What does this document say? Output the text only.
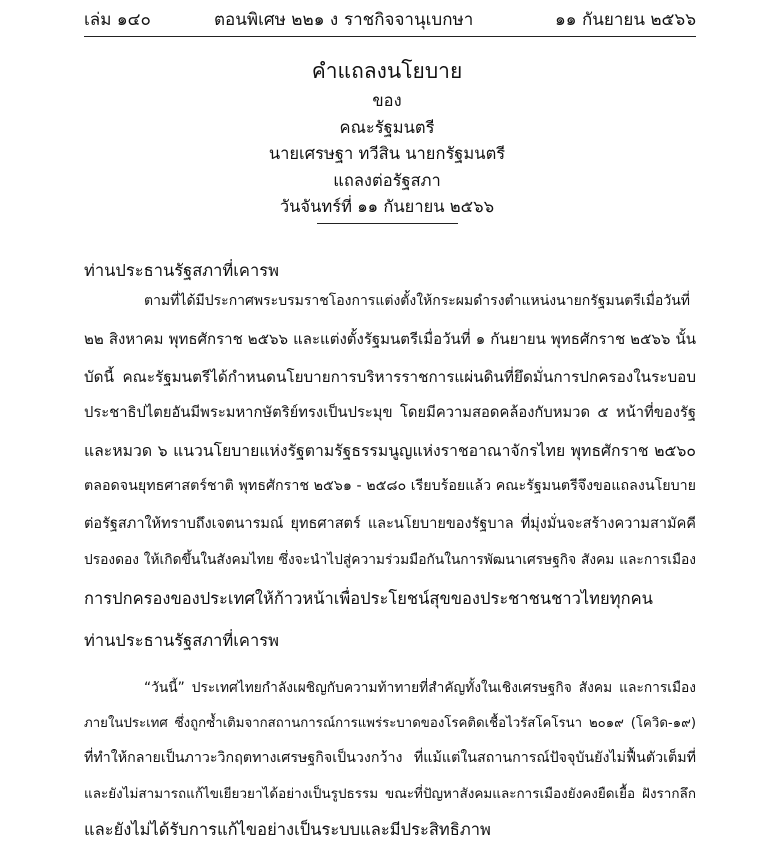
เล่ม ๑๔๐	ตอนพิเศษ ๒๒๑ ง ราชกิจจานุเบกษา	๑๑ กันยายน ๒๕๖๖
คำแถลงนโยบาย

ของ

คณะรัฐมนตรี

นายเศรษฐา ทวีสิน นายกรัฐมนตรี

แถลงต่อรัฐสภา

วันจันทร์ที่ ๑๑ กันยายน ๒๕๖๖

ท่านประธานรัฐสภาที่เคารพ

ตามที่ได้มีประกาศพระบรมราชโองการแต่งตั้งให้กระผมดำรงตำแหน่งนายกรัฐมนตรีเมื่อวันที่
๒๒ สิงหาคม พุทธศักราช ๒๕๖๖ และแต่งตั้งรัฐมนตรีเมื่อวันที่ ๑ กันยายน พุทธศักราช ๒๕๖๖ นั้น
บัดนี้ คณะรัฐมนตรีได้กำหนดนโยบายการบริหารราชการแผ่นดินที่ยึดมั่นการปกครองในระบอบ
ประชาธิปไตยอันมีพระมหากษัตริย์ทรงเป็นประมุข โดยมีความสอดคล้องกับหมวด ๕ หน้าที่ของรัฐ
และหมวด ๖ แนวนโยบายแห่งรัฐตามรัฐธรรมนูญแห่งราชอาณาจักรไทย พุทธศักราช ๒๕๖๐
ตลอดจนยุทธศาสตร์ชาติ พุทธศักราช ๒๕๖๑ - ๒๕๘๐ เรียบร้อยแล้ว คณะรัฐมนตรีจึงขอแถลงนโยบาย
ต่อรัฐสภาให้ทราบถึงเจตนารมณ์ ยุทธศาสตร์ และนโยบายของรัฐบาล ที่มุ่งมั่นจะสร้างความสามัคคี
ปรองดอง ให้เกิดขึ้นในสังคมไทย ซึ่งจะนำไปสู่ความร่วมมือกันในการพัฒนาเศรษฐกิจ สังคม และการเมือง
การปกครองของประเทศให้ก้าวหน้าเพื่อประโยชน์สุขของประชาชนชาวไทยทุกคน

ท่านประธานรัฐสภาที่เคารพ

“วันนี้” ประเทศไทยกำลังเผชิญกับความท้าทายที่สำคัญทั้งในเชิงเศรษฐกิจ สังคม และการเมือง
ภายในประเทศ ซึ่งถูกซ้ำเติมจากสถานการณ์การแพร่ระบาดของโรคติดเชื้อไวรัสโคโรนา ๒๐๑๙ (โควิด-๑๙)
ที่ทำให้กลายเป็นภาวะวิกฤตทางเศรษฐกิจเป็นวงกว้าง ที่แม้แต่ในสถานการณ์ปัจจุบันยังไม่ฟื้นตัวเต็มที่
และยังไม่สามารถแก้ไขเยียวยาได้อย่างเป็นรูปธรรม ขณะที่ปัญหาสังคมและการเมืองยังคงยืดเยื้อ ฝังรากลึก
และยังไม่ได้รับการแก้ไขอย่างเป็นระบบและมีประสิทธิภาพ
